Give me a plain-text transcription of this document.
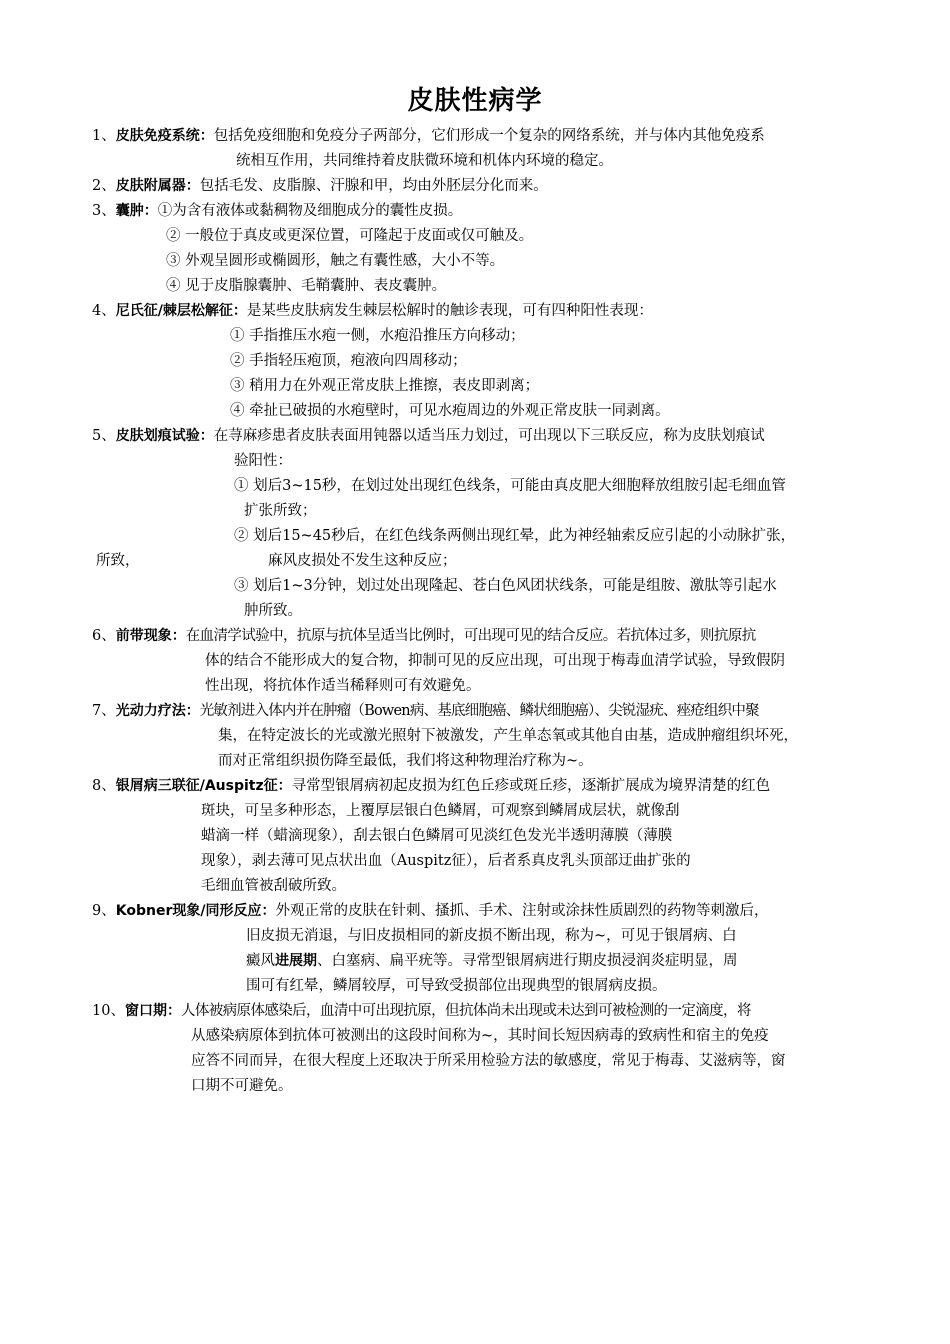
皮肤性病学
1、皮肤免疫系统：包括免疫细胞和免疫分子两部分，它们形成一个复杂的网络系统，并与体内其他免疫系
统相互作用，共同维持着皮肤微环境和机体内环境的稳定。
2、皮肤附属器：包括毛发、皮脂腺、汗腺和甲，均由外胚层分化而来。
3、囊肿：①为含有液体或黏稠物及细胞成分的囊性皮损。
② 一般位于真皮或更深位置，可隆起于皮面或仅可触及。
③ 外观呈圆形或椭圆形，触之有囊性感，大小不等。
④ 见于皮脂腺囊肿、毛鞘囊肿、表皮囊肿。
4、尼氏征/棘层松解征：是某些皮肤病发生棘层松解时的触诊表现，可有四种阳性表现：
① 手指推压水疱一侧，水疱沿推压方向移动；
② 手指轻压疱顶，疱液向四周移动；
③ 稍用力在外观正常皮肤上推擦，表皮即剥离；
④ 牵扯已破损的水疱壁时，可见水疱周边的外观正常皮肤一同剥离。
5、皮肤划痕试验：在荨麻疹患者皮肤表面用钝器以适当压力划过，可出现以下三联反应，称为皮肤划痕试
验阳性：
① 划后3~15秒，在划过处出现红色线条，可能由真皮肥大细胞释放组胺引起毛细血管
扩张所致；
② 划后15~45秒后，在红色线条两侧出现红晕，此为神经轴索反应引起的小动脉扩张，
所致，	麻风皮损处不发生这种反应；
③ 划后1~3分钟，划过处出现隆起、苍白色风团状线条，可能是组胺、激肽等引起水
肿所致。
6、前带现象：在血清学试验中，抗原与抗体呈适当比例时，可出现可见的结合反应。若抗体过多，则抗原抗
体的结合不能形成大的复合物，抑制可见的反应出现，可出现于梅毒血清学试验，导致假阴
性出现，将抗体作适当稀释则可有效避免。
7、光动力疗法：光敏剂进入体内并在肿瘤（Bowen病、基底细胞癌、鳞状细胞癌）、尖锐湿疣、痤疮组织中聚
集，在特定波长的光或激光照射下被激发，产生单态氧或其他自由基，造成肿瘤组织坏死，
而对正常组织损伤降至最低，我们将这种物理治疗称为~。
8、银屑病三联征/Auspitz征：寻常型银屑病初起皮损为红色丘疹或斑丘疹，逐渐扩展成为境界清楚的红色
斑块，可呈多种形态，上覆厚层银白色鳞屑，可观察到鳞屑成层状，就像刮
蜡滴一样（蜡滴现象），刮去银白色鳞屑可见淡红色发光半透明薄膜（薄膜
现象），剥去薄可见点状出血（Auspitz征），后者系真皮乳头顶部迂曲扩张的
毛细血管被刮破所致。
9、Kobner现象/同形反应：外观正常的皮肤在针刺、搔抓、手术、注射或涂抹性质剧烈的药物等刺激后，
旧皮损无消退，与旧皮损相同的新皮损不断出现，称为~，可见于银屑病、白
癜风进展期、白塞病、扁平疣等。寻常型银屑病进行期皮损浸润炎症明显，周
围可有红晕，鳞屑较厚，可导致受损部位出现典型的银屑病皮损。
10、窗口期：人体被病原体感染后，血清中可出现抗原，但抗体尚未出现或未达到可被检测的一定滴度，将
从感染病原体到抗体可被测出的这段时间称为~，其时间长短因病毒的致病性和宿主的免疫
应答不同而异，在很大程度上还取决于所采用检验方法的敏感度，常见于梅毒、艾滋病等，窗
口期不可避免。
